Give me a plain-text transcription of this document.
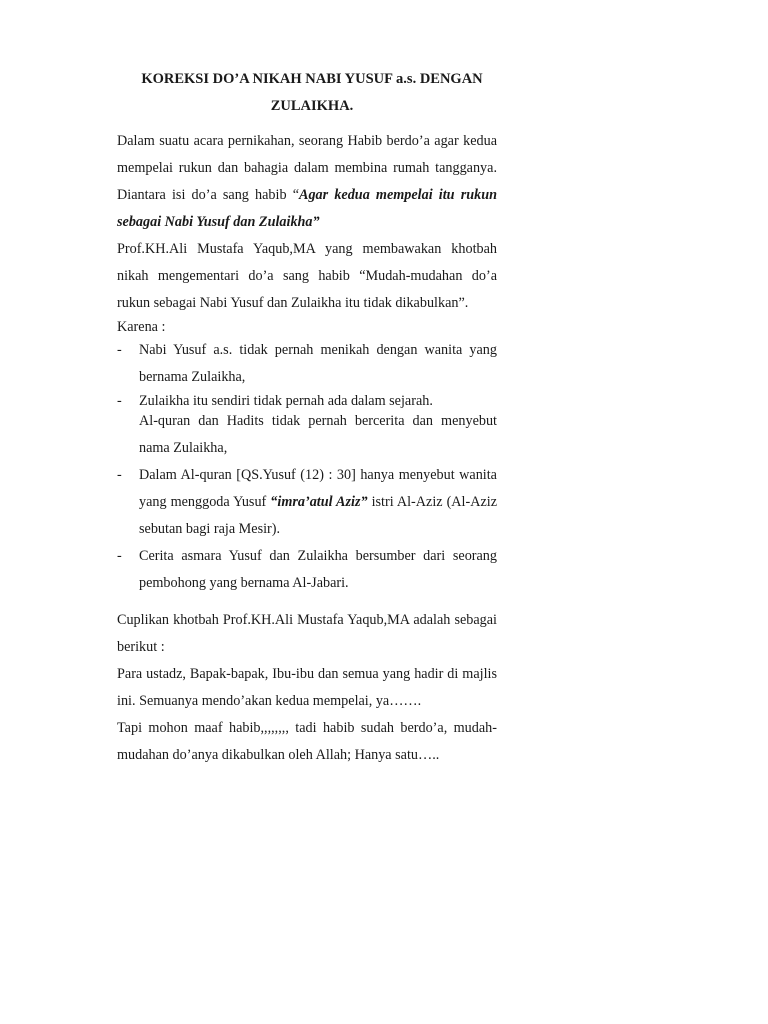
KOREKSI DO’A NIKAH NABI YUSUF a.s. DENGAN
ZULAIKHA.
Dalam suatu acara pernikahan, seorang Habib berdo’a agar kedua mempelai rukun dan bahagia dalam membina rumah tangganya. Diantara isi do’a sang habib “Agar kedua mempelai itu rukun sebagai Nabi Yusuf dan Zulaikha”
Prof.KH.Ali Mustafa Yaqub,MA yang membawakan khotbah nikah mengementari do’a sang habib “Mudah-mudahan do’a rukun sebagai Nabi Yusuf dan Zulaikha itu tidak dikabulkan”.
Karena :
- Nabi Yusuf a.s. tidak pernah menikah dengan wanita yang bernama Zulaikha,
- Zulaikha itu sendiri tidak pernah ada dalam sejarah.
Al-quran dan Hadits tidak pernah bercerita dan menyebut nama Zulaikha,
- Dalam Al-quran [QS.Yusuf (12) : 30] hanya menyebut wanita yang menggoda Yusuf “imra’atul Aziz” istri Al-Aziz (Al-Aziz sebutan bagi raja Mesir).
- Cerita asmara Yusuf dan Zulaikha bersumber dari seorang pembohong yang bernama Al-Jabari.
Cuplikan khotbah Prof.KH.Ali Mustafa Yaqub,MA adalah sebagai berikut :
Para ustadz, Bapak-bapak, Ibu-ibu dan semua yang hadir di majlis ini. Semuanya mendo’akan kedua mempelai, ya…….
Tapi mohon maaf habib,,,,,,,, tadi habib sudah berdo’a, mudah-mudahan do’anya dikabulkan oleh Allah; Hanya satu…..
